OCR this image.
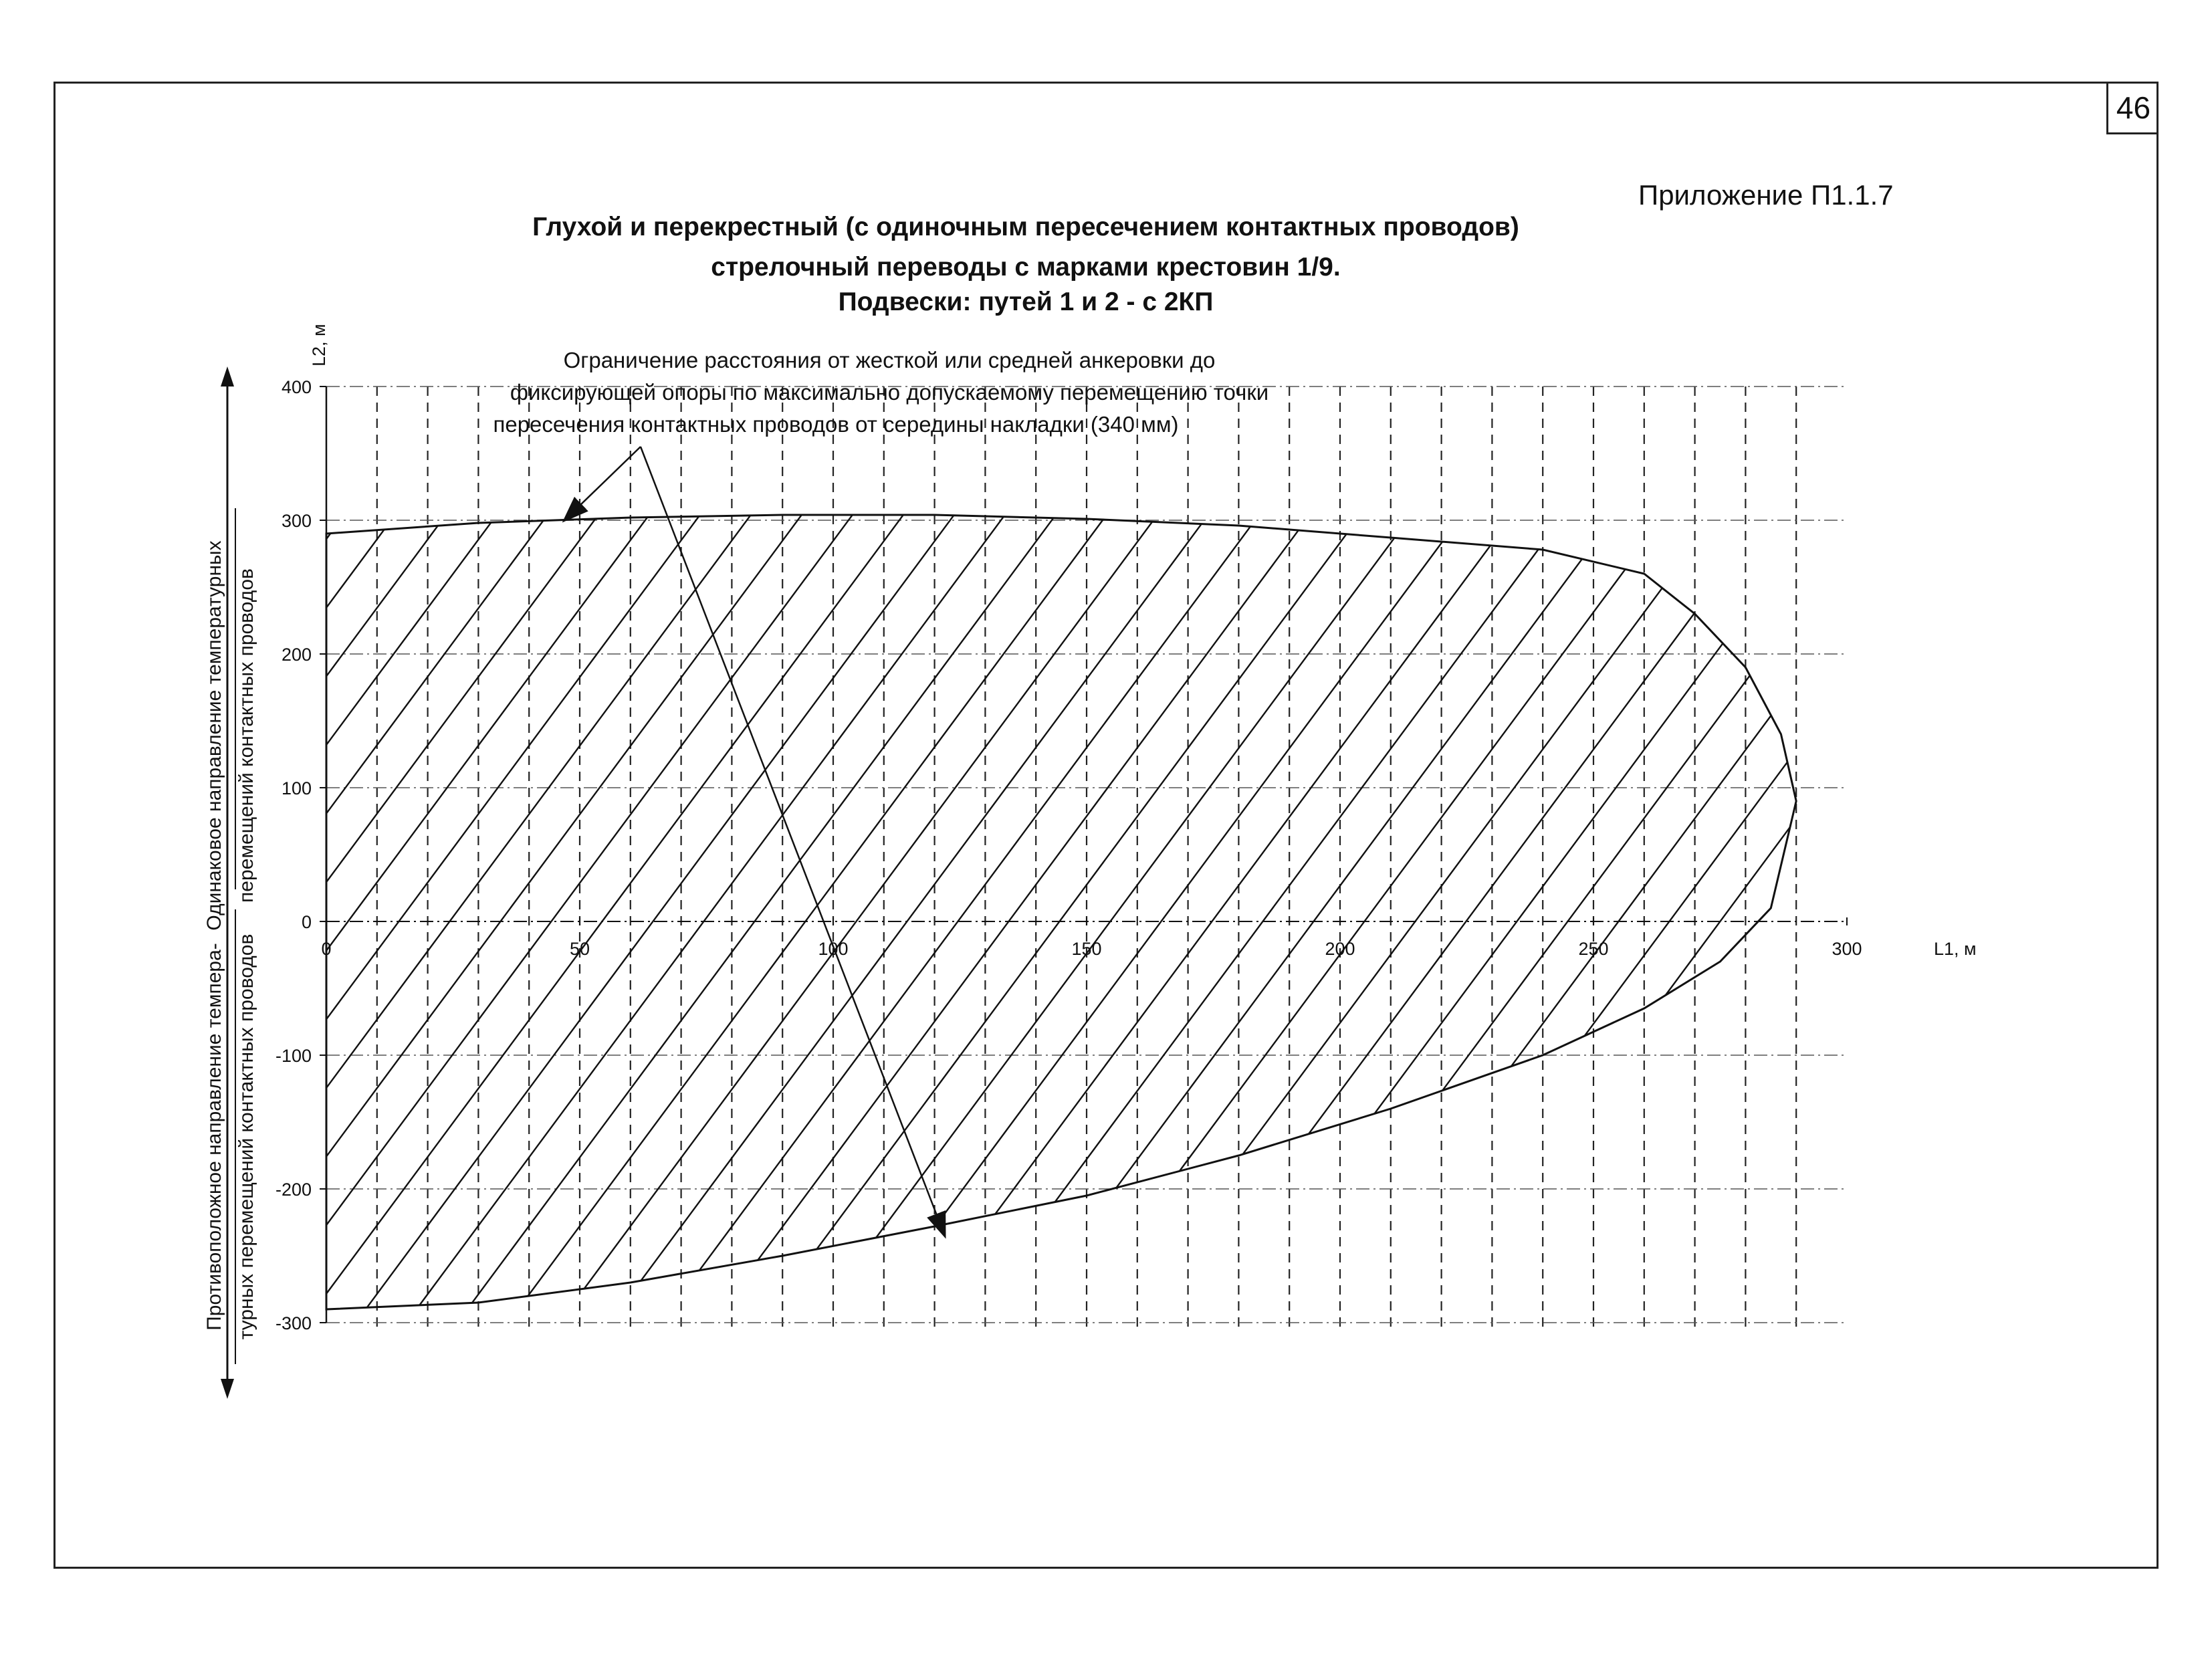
46
Приложение П1.1.7
Глухой и перекрестный (с одиночным пересечением контактных проводов)
стрелочный переводы с марками крестовин 1/9.
Подвески: путей 1 и 2 - с 2КП
0	50	100	150	200	250	300
400
300
200
100
0
-100
-200
-300
L1, м
L2, м	Ограничение расстояния от жесткой или средней анкеровки до
фиксирующей опоры по максимально допускаемому перемещению точки
пересечения контактных проводов от середины накладки (340 мм)
Одинаковое направление температурных перемещений контактных проводов
Противоположное направление темпера- турных перемещений контактных проводов
